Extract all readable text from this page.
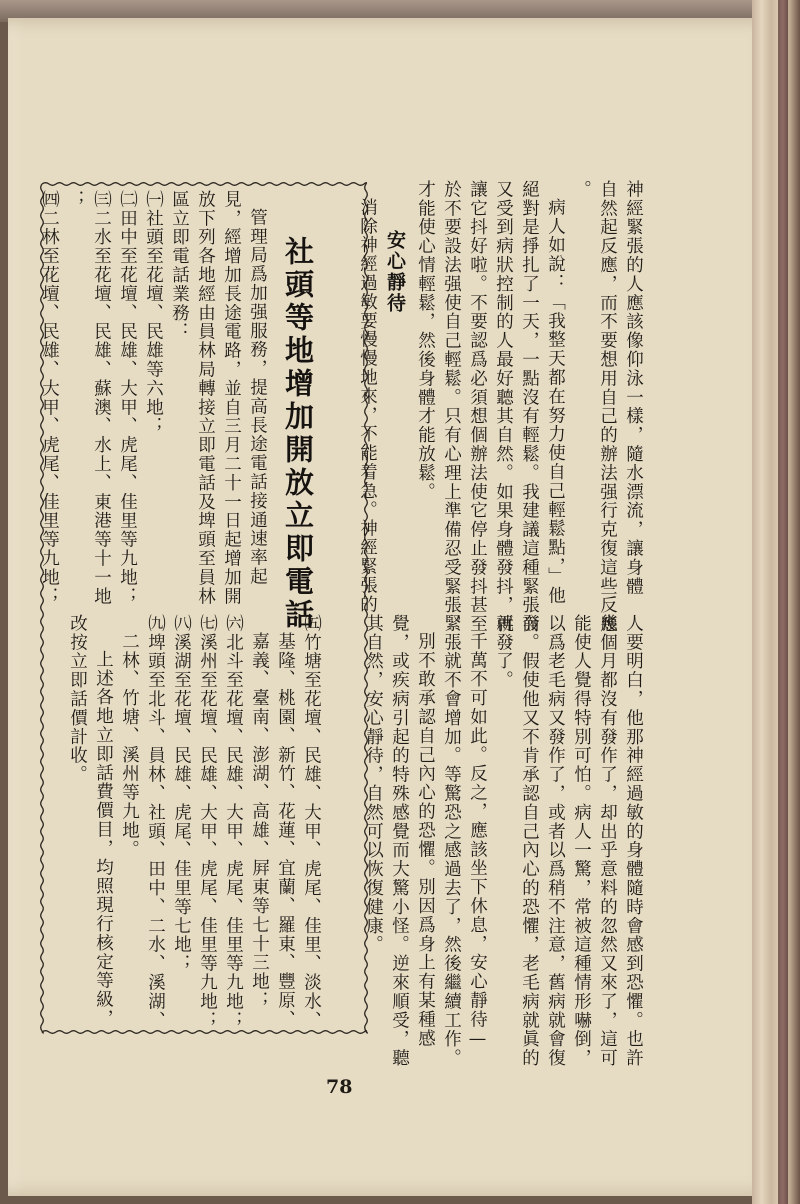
神經緊張的人應該像仰泳一樣，隨水漂流，讓身體
自然起反應，而不要想用自己的辦法强行克復這些反應
。
病人如說：「我整天都在努力使自己輕鬆點，」他
絕對是掙扎了一天，一點沒有輕鬆。我建議這種緊張而
又受到病狀控制的人最好聽其自然。如果身體發抖，就
讓它抖好啦。不要認爲必須想個辦法使它停止發抖甚至
於不要設法强使自己輕鬆。只有心理上準備忍受緊張，
才能使心情輕鬆，然後身體才能放鬆。
安心靜待
消除神經過敏要慢慢地來，不能着急。神經緊張的
人要明白，他那神經過敏的身體隨時會感到恐懼。也許
幾個月都沒有發作了，却出乎意料的忽然又來了，這可
能使人覺得特別可怕。病人一驚，常被這種情形嚇倒，
以爲老毛病又發作了，或者以爲稍不注意，舊病就會復
發。假使他又不肯承認自己內心的恐懼，老毛病就眞的
再發了。
千萬不可如此。反之，應該坐下休息，安心靜待—
緊張就不會增加。等驚恐之感過去了，然後繼續工作。
別不敢承認自己內心的恐懼。別因爲身上有某種感
覺，或疾病引起的特殊感覺而大驚小怪。逆來順受，聽
其自然，安心靜待，自然可以恢復健康。
社頭等地增加開放立即電話
管理局爲加强服務，提高長途電話接通速率起
見，經增加長途電路，並自三月二十一日起增加開
放下列各地經由員林局轉接立即電話及埤頭至員林
區立即電話業務：
㈠社頭至花壇、民雄等六地；
㈡田中至花壇、民雄、大甲、虎尾、佳里等九地；
㈢二水至花壇、民雄、蘇澳、水上、東港等十一地
；
㈣二林至花壇、民雄、大甲、虎尾、佳里等九地；
㈤竹塘至花壇、民雄、大甲、虎尾、佳里、淡水、
基隆、桃園、新竹、花蓮、宜蘭、羅東、豐原、
嘉義、臺南、澎湖、高雄、屛東等七十三地；
㈥北斗至花壇、民雄、大甲、虎尾、佳里等九地；
㈦溪州至花壇、民雄、大甲、虎尾、佳里等九地；
㈧溪湖至花壇、民雄、虎尾、佳里等七地；
㈨埤頭至北斗、員林、社頭、田中、二水、溪湖、
二林、竹塘、溪州等九地。
上述各地立即話費價目，均照現行核定等級，
改按立即話價計收。
78
